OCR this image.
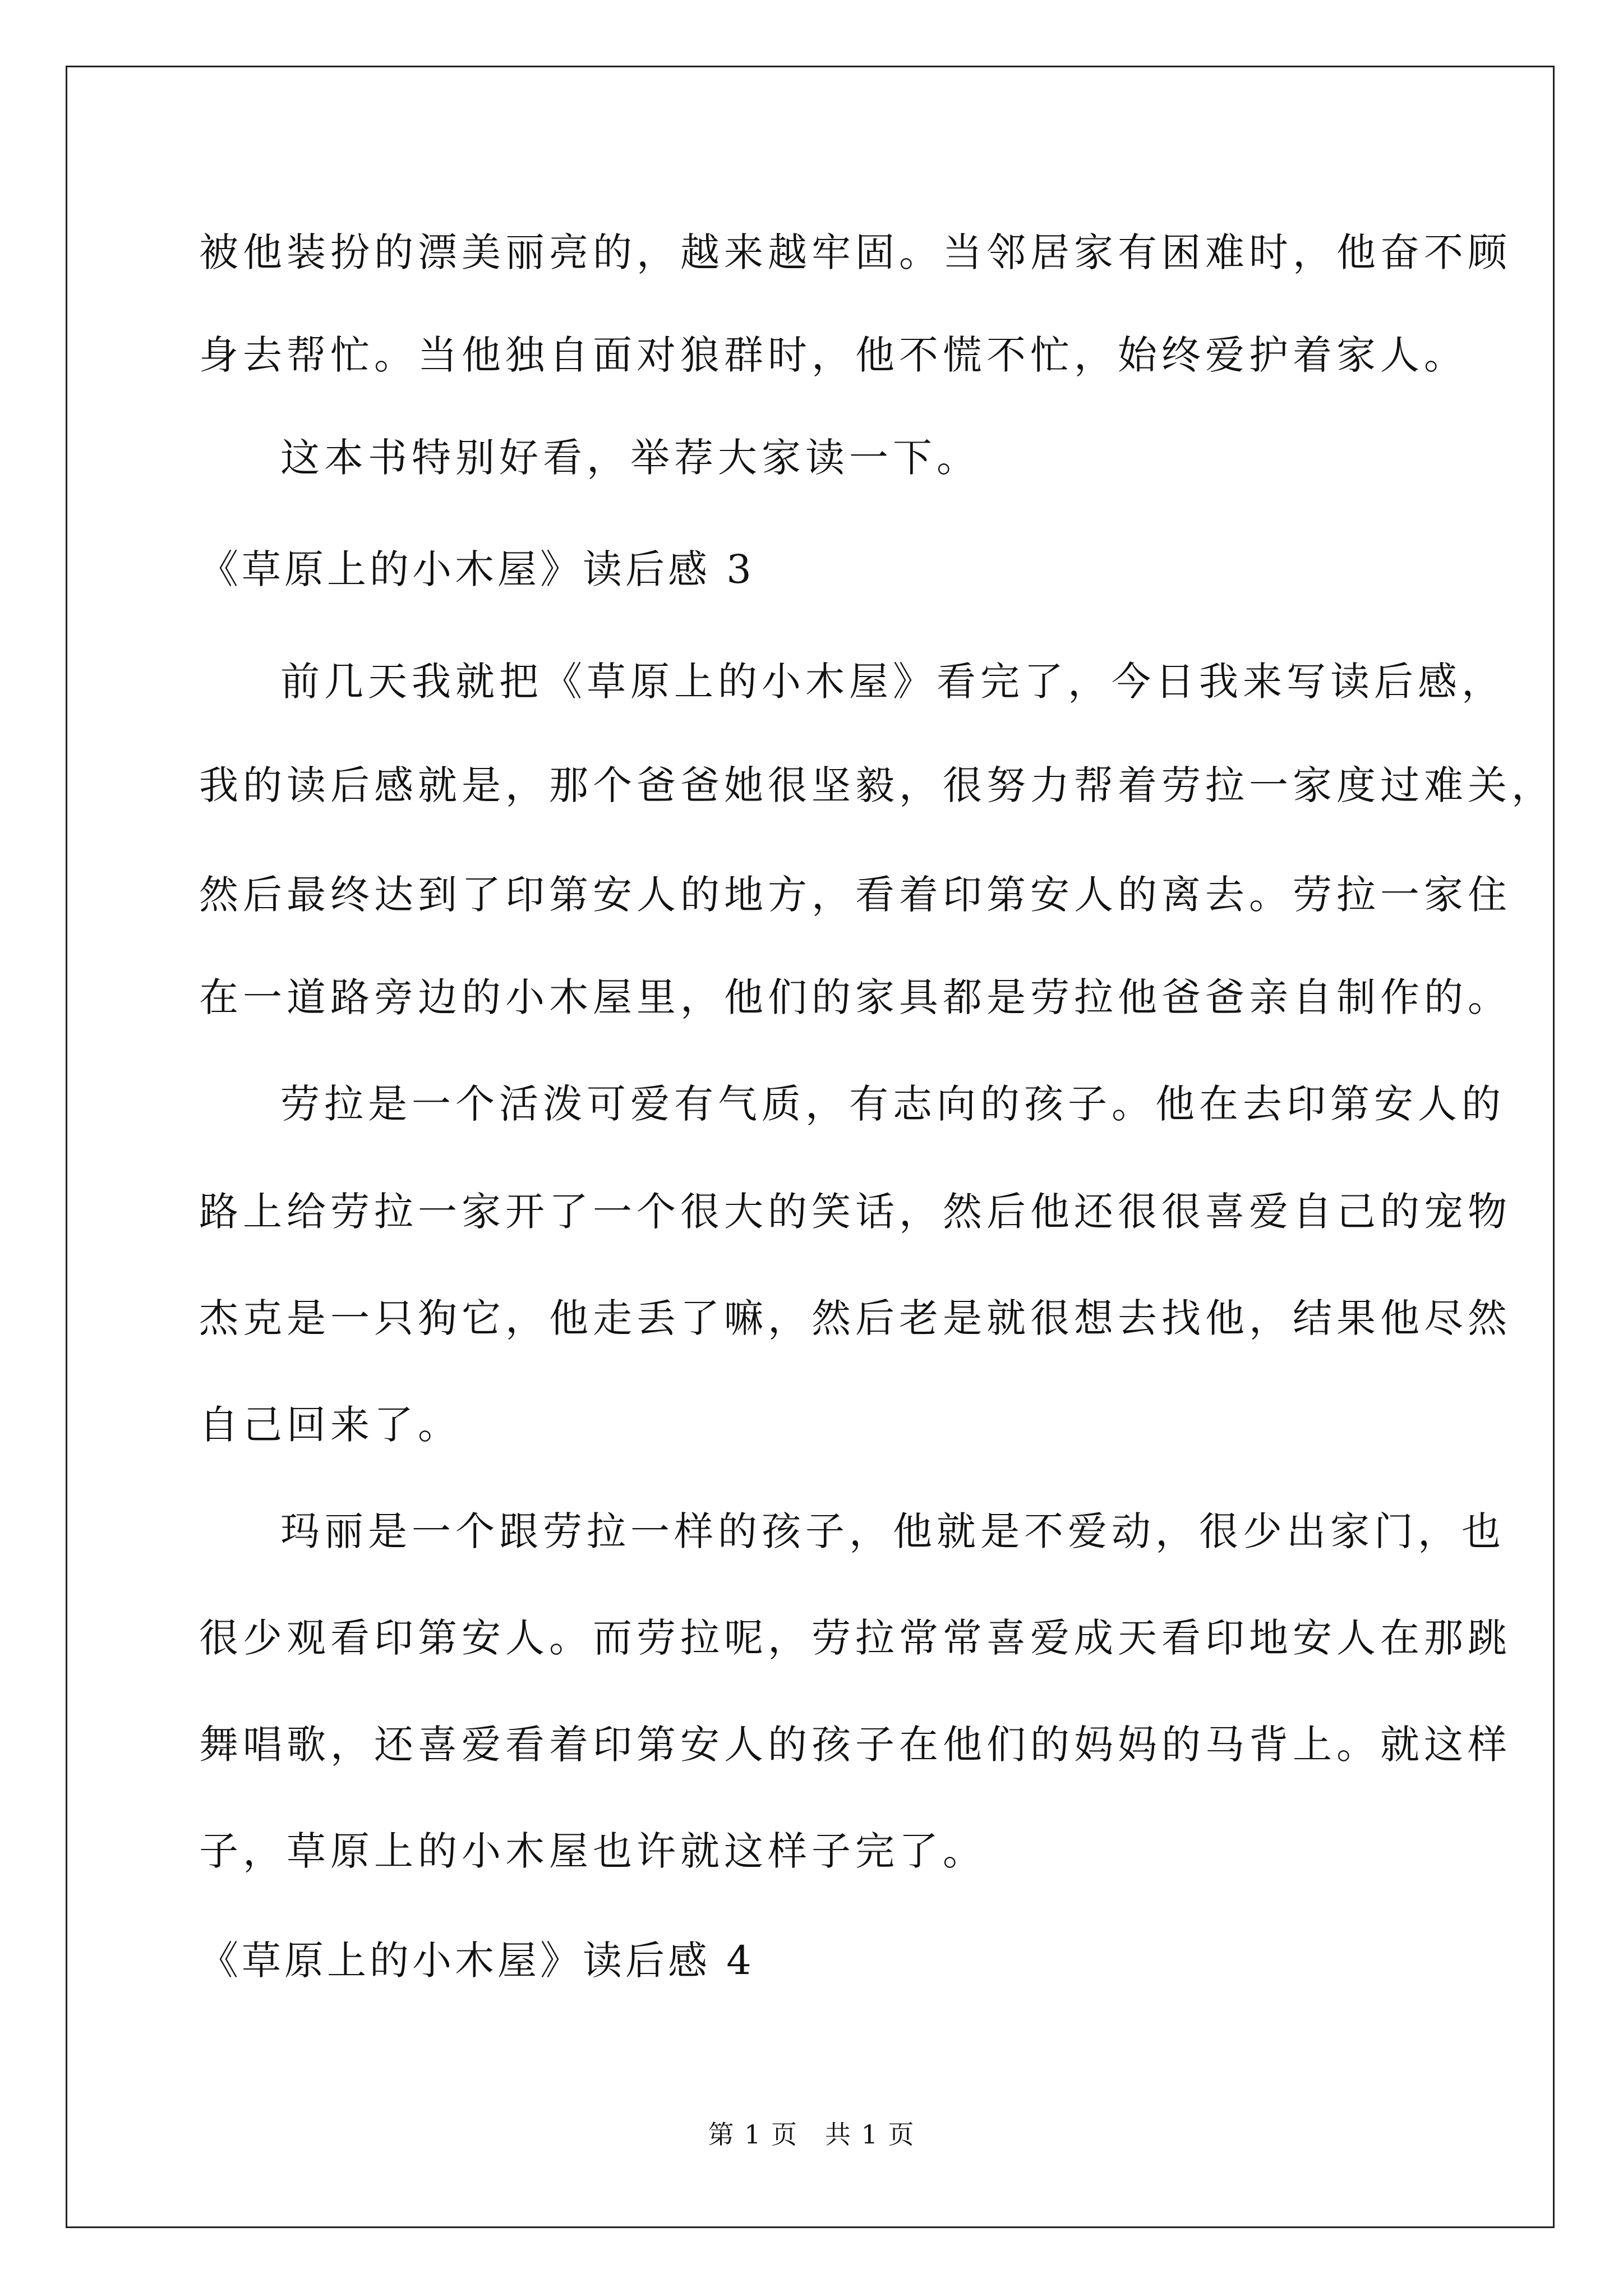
被他装扮的漂美丽亮的，越来越牢固。当邻居家有困难时，他奋不顾
身去帮忙。当他独自面对狼群时，他不慌不忙，始终爱护着家人。
这本书特别好看，举荐大家读一下。
《草原上的小木屋》读后感 3
前几天我就把《草原上的小木屋》看完了，今日我来写读后感，
我的读后感就是，那个爸爸她很坚毅，很努力帮着劳拉一家度过难关，
然后最终达到了印第安人的地方，看着印第安人的离去。劳拉一家住
在一道路旁边的小木屋里，他们的家具都是劳拉他爸爸亲自制作的。
劳拉是一个活泼可爱有气质，有志向的孩子。他在去印第安人的
路上给劳拉一家开了一个很大的笑话，然后他还很很喜爱自己的宠物
杰克是一只狗它，他走丢了嘛，然后老是就很想去找他，结果他尽然
自己回来了。
玛丽是一个跟劳拉一样的孩子，他就是不爱动，很少出家门，也
很少观看印第安人。而劳拉呢，劳拉常常喜爱成天看印地安人在那跳
舞唱歌，还喜爱看着印第安人的孩子在他们的妈妈的马背上。就这样
子，草原上的小木屋也许就这样子完了。
《草原上的小木屋》读后感 4
第 1 页　共 1 页
